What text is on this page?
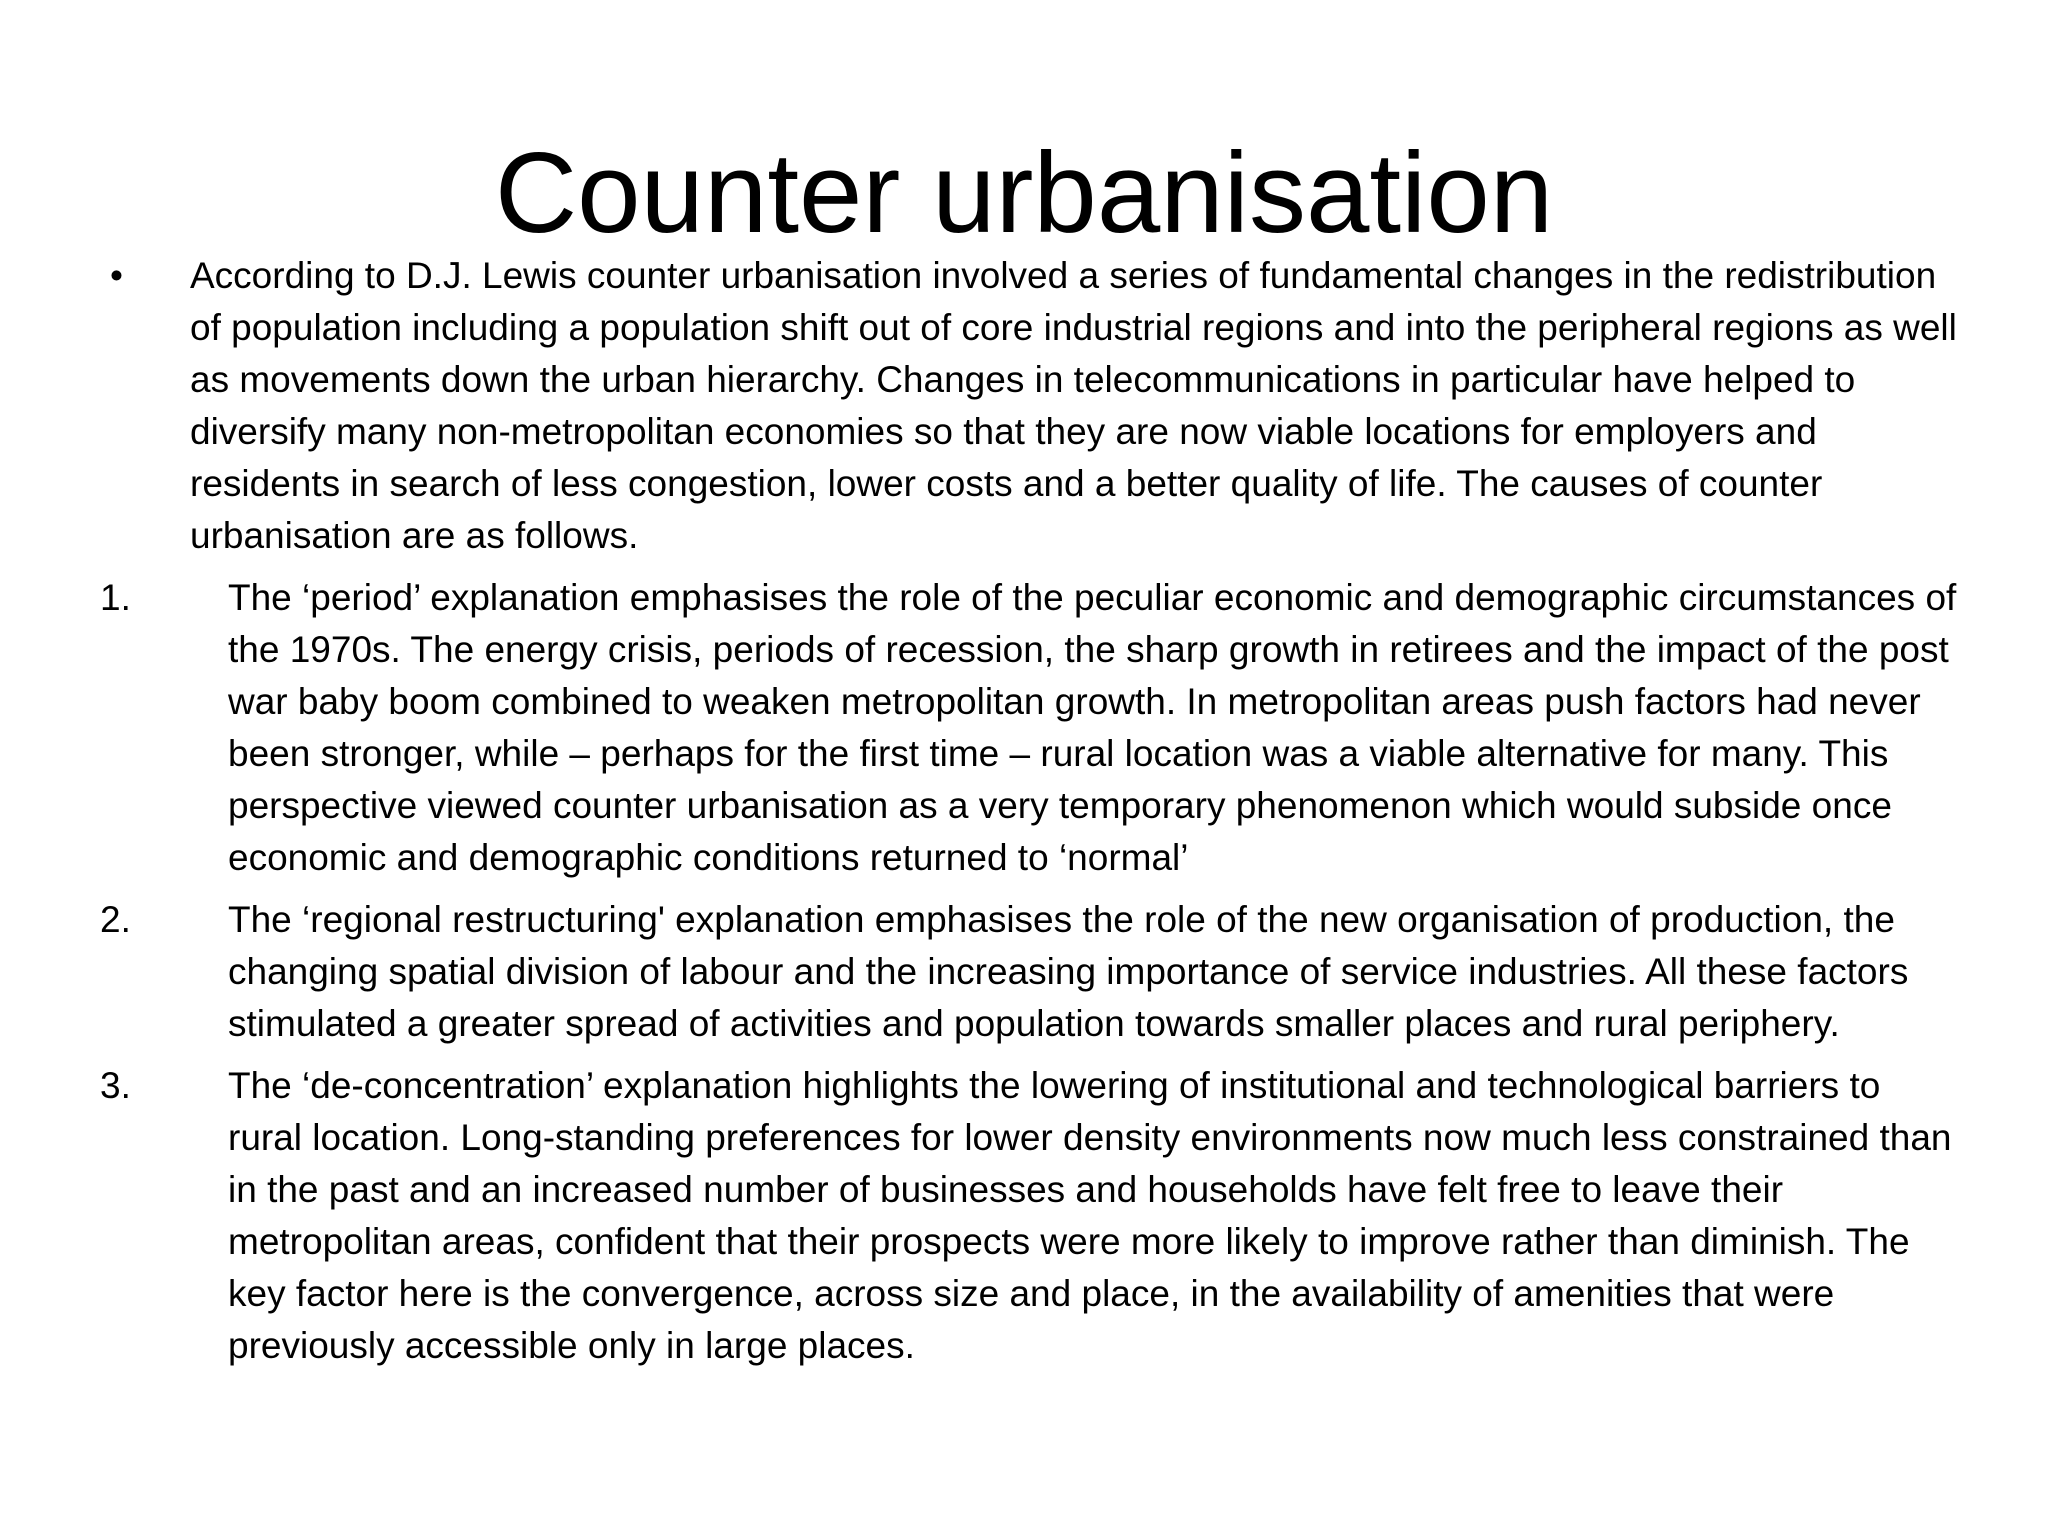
Counter urbanisation
•	According to D.J. Lewis counter urbanisation involved a series of fundamental changes in the redistribution of population including a population shift out of core industrial regions and into the peripheral regions as well as movements down the urban hierarchy. Changes in telecommunications in particular have helped to diversify many non-metropolitan economies so that they are now viable locations for employers and residents in search of less congestion, lower costs and a better quality of life. The causes of counter urbanisation are as follows.
1.	The ‘period’ explanation emphasises the role of the peculiar economic and demographic circumstances of the 1970s. The energy crisis, periods of recession, the sharp growth in retirees and the impact of the post war baby boom combined to weaken metropolitan growth. In metropolitan areas push factors had never been stronger, while – perhaps for the first time – rural location was a viable alternative for many. This perspective viewed counter urbanisation as a very temporary phenomenon which would subside once economic and demographic conditions returned to ‘normal’
2.	The ‘regional restructuring' explanation emphasises the role of the new organisation of production, the changing spatial division of labour and the increasing importance of service industries. All these factors stimulated a greater spread of activities and population towards smaller places and rural periphery.
3.	The ‘de-concentration’ explanation highlights the lowering of institutional and technological barriers to rural location. Long-standing preferences for lower density environments now much less constrained than in the past and an increased number of businesses and households have felt free to leave their metropolitan areas, confident that their prospects were more likely to improve rather than diminish. The key factor here is the convergence, across size and place, in the availability of amenities that were previously accessible only in large places.
